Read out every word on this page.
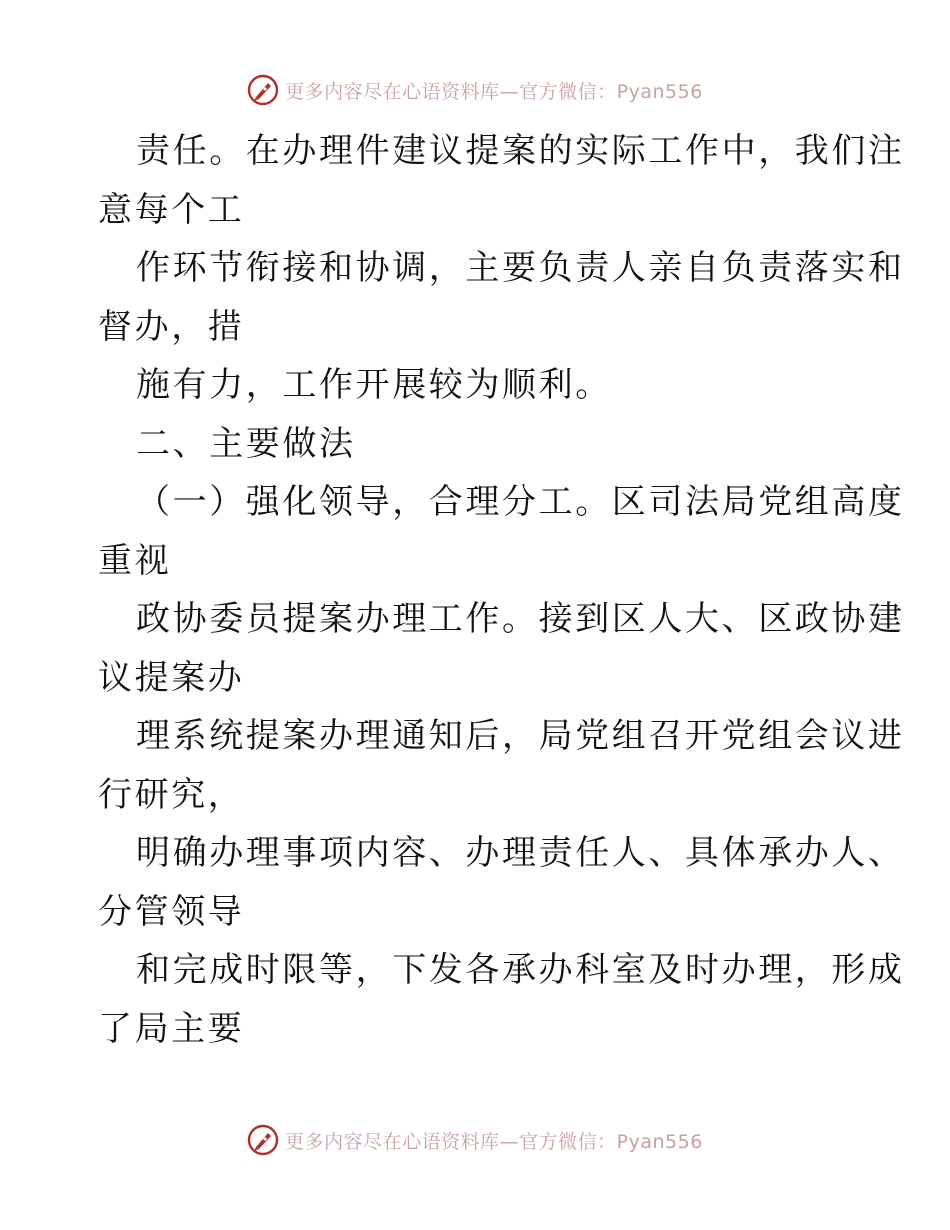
更多内容尽在心语资料库—官方微信：Pyan556
责任。在办理件建议提案的实际工作中，我们注
意每个工
作环节衔接和协调，主要负责人亲自负责落实和
督办，措
施有力，工作开展较为顺利。
二、主要做法
（一）强化领导，合理分工。区司法局党组高度
重视
政协委员提案办理工作。接到区人大、区政协建
议提案办
理系统提案办理通知后，局党组召开党组会议进
行研究，
明确办理事项内容、办理责任人、具体承办人、
分管领导
和完成时限等，下发各承办科室及时办理，形成
了局主要
更多内容尽在心语资料库—官方微信：Pyan556
